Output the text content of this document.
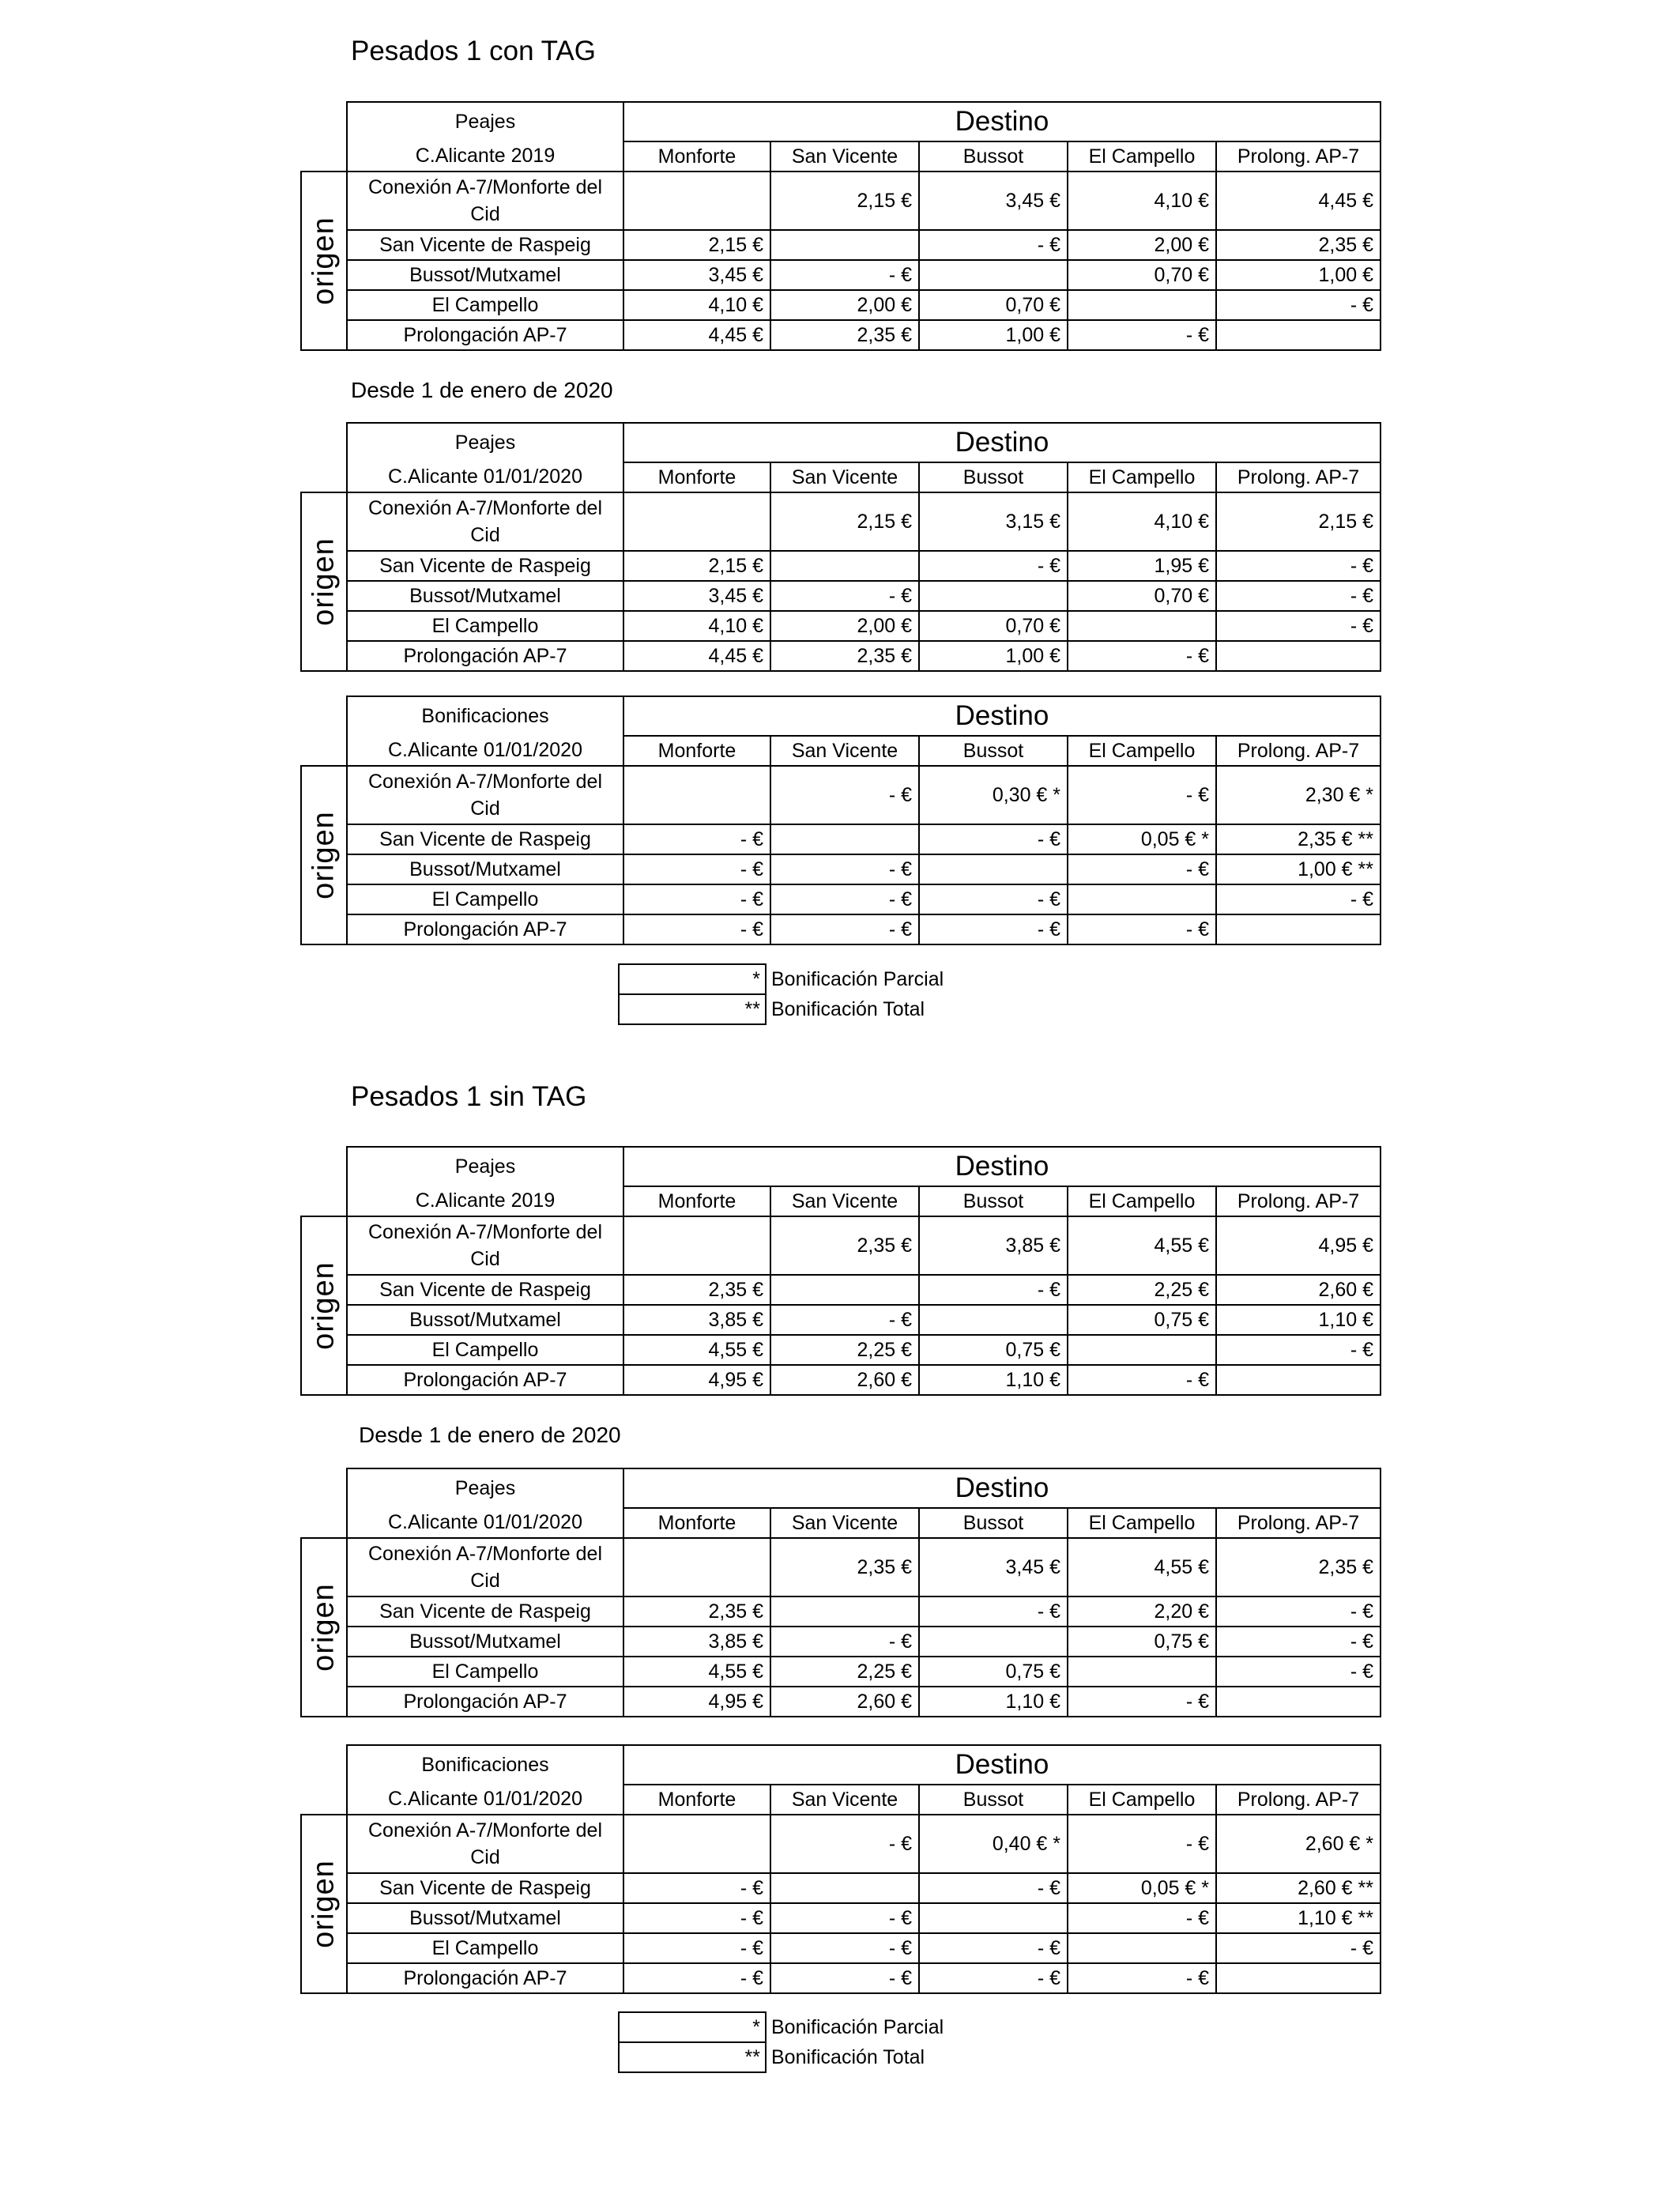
Pesados 1 con TAG
	Peajes	Destino				
	C.Alicante 2019	Monforte	San Vicente	Bussot	El Campello	Prolong. AP-7

origen	Conexión A-7/Monforte del Cid		2,15 €	3,45 €	4,10 €	4,45 €
	San Vicente de Raspeig	2,15 €		- €	2,00 €	2,35 €
	Bussot/Mutxamel	3,45 €	- €		0,70 €	1,00 €
	El Campello	4,10 €	2,00 €	0,70 €		- €
	Prolongación AP-7	4,45 €	2,35 €	1,00 €	- €	
Desde 1 de enero de 2020
	Peajes	Destino				
	C.Alicante 01/01/2020	Monforte	San Vicente	Bussot	El Campello	Prolong. AP-7

origen	Conexión A-7/Monforte del Cid		2,15 €	3,15 €	4,10 €	2,15 €
	San Vicente de Raspeig	2,15 €		- €	1,95 €	- €
	Bussot/Mutxamel	3,45 €	- €		0,70 €	- €
	El Campello	4,10 €	2,00 €	0,70 €		- €
	Prolongación AP-7	4,45 €	2,35 €	1,00 €	- €	
	Bonificaciones	Destino				
	C.Alicante 01/01/2020	Monforte	San Vicente	Bussot	El Campello	Prolong. AP-7

origen	Conexión A-7/Monforte del Cid		- €	0,30 € *	- €	2,30 € *
	San Vicente de Raspeig	- €		- €	0,05 € *	2,35 € **
	Bussot/Mutxamel	- €	- €		- €	1,00 € **
	El Campello	- €	- €	- €		- €
	Prolongación AP-7	- €	- €	- €	- €	
*	Bonificación Parcial
**	Bonificación Total
Pesados 1 sin TAG
	Peajes	Destino				
	C.Alicante 2019	Monforte	San Vicente	Bussot	El Campello	Prolong. AP-7

origen	Conexión A-7/Monforte del Cid		2,35 €	3,85 €	4,55 €	4,95 €
	San Vicente de Raspeig	2,35 €		- €	2,25 €	2,60 €
	Bussot/Mutxamel	3,85 €	- €		0,75 €	1,10 €
	El Campello	4,55 €	2,25 €	0,75 €		- €
	Prolongación AP-7	4,95 €	2,60 €	1,10 €	- €	
Desde 1 de enero de 2020
	Peajes	Destino				
	C.Alicante 01/01/2020	Monforte	San Vicente	Bussot	El Campello	Prolong. AP-7

origen	Conexión A-7/Monforte del Cid		2,35 €	3,45 €	4,55 €	2,35 €
	San Vicente de Raspeig	2,35 €		- €	2,20 €	- €
	Bussot/Mutxamel	3,85 €	- €		0,75 €	- €
	El Campello	4,55 €	2,25 €	0,75 €		- €
	Prolongación AP-7	4,95 €	2,60 €	1,10 €	- €	
	Bonificaciones	Destino				
	C.Alicante 01/01/2020	Monforte	San Vicente	Bussot	El Campello	Prolong. AP-7

origen	Conexión A-7/Monforte del Cid		- €	0,40 € *	- €	2,60 € *
	San Vicente de Raspeig	- €		- €	0,05 € *	2,60 € **
	Bussot/Mutxamel	- €	- €		- €	1,10 € **
	El Campello	- €	- €	- €		- €
	Prolongación AP-7	- €	- €	- €	- €	
*	Bonificación Parcial
**	Bonificación Total
